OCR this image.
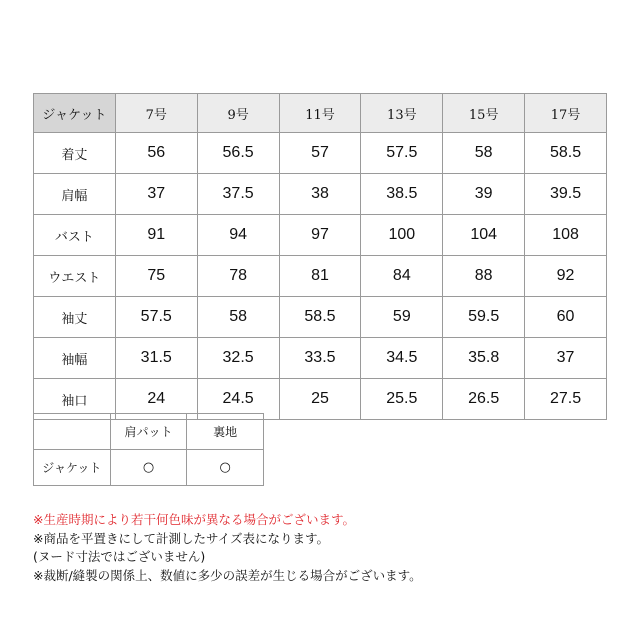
ジャケット	7号	9号	11号	13号	15号	17号
着丈	56	56.5	57	57.5	58	58.5
肩幅	37	37.5	38	38.5	39	39.5
バスト	91	94	97	100	104	108
ウエスト	75	78	81	84	88	92
袖丈	57.5	58	58.5	59	59.5	60
袖幅	31.5	32.5	33.5	34.5	35.8	37
袖口	24	24.5	25	25.5	26.5	27.5
	肩パット	裏地
ジャケット	○	○

※生産時期により若干何色味が異なる場合がございます。

※商品を平置きにして計測したサイズ表になります。

(ヌード寸法ではございません)

※裁断/縫製の関係上、数値に多少の誤差が生じる場合がございます。
